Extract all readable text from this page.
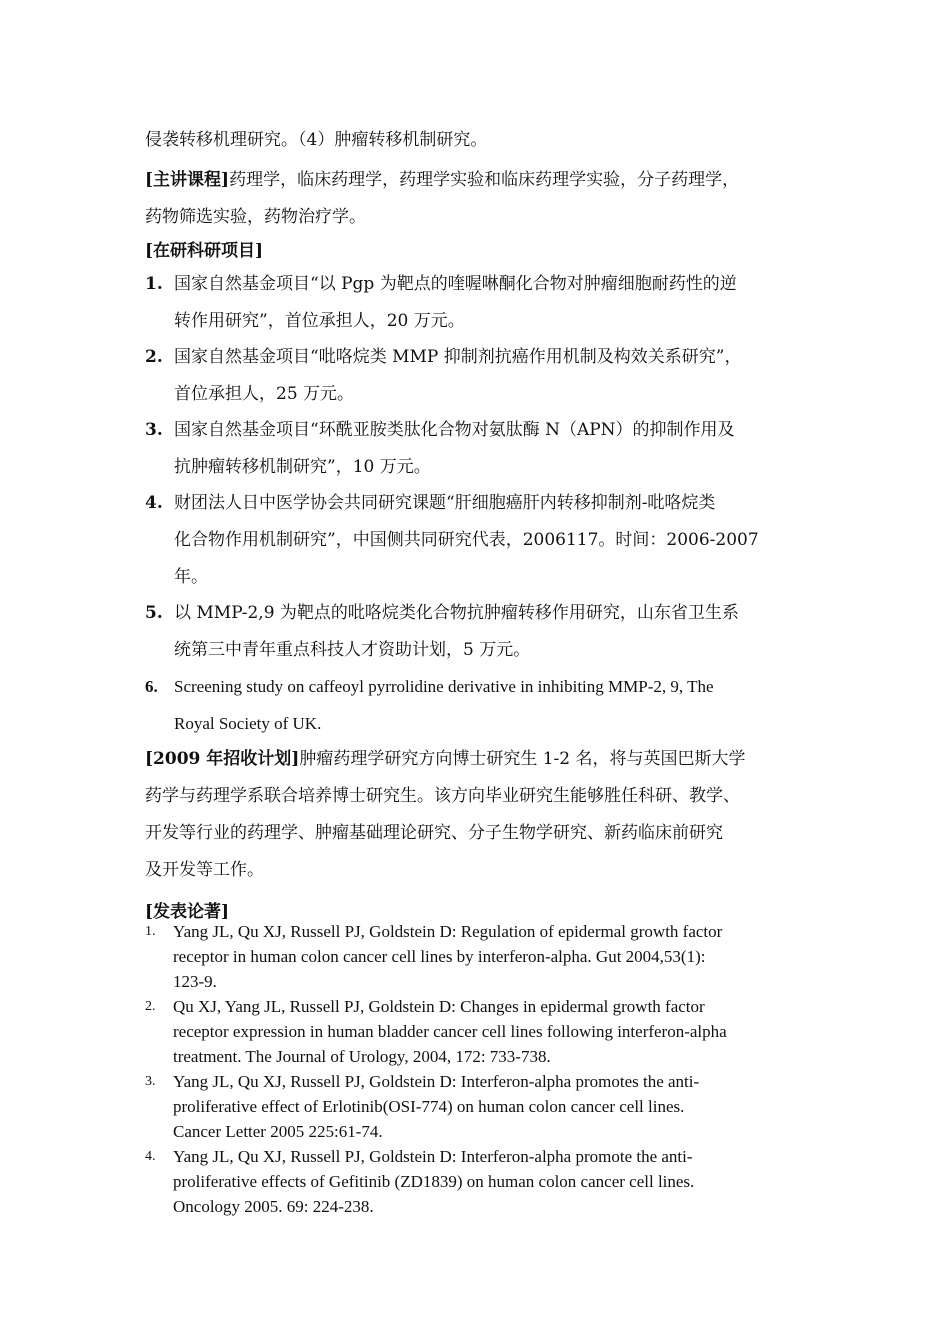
侵袭转移机理研究。（4）肿瘤转移机制研究。
[主讲课程]药理学，临床药理学，药理学实验和临床药理学实验，分子药理学，
药物筛选实验，药物治疗学。
[在研科研项目]
1. 国家自然基金项目“以 Pgp 为靶点的喹喔啉酮化合物对肿瘤细胞耐药性的逆
转作用研究”，首位承担人，20 万元。
2. 国家自然基金项目“吡咯烷类 MMP 抑制剂抗癌作用机制及构效关系研究”，
首位承担人，25 万元。
3. 国家自然基金项目“环酰亚胺类肽化合物对氨肽酶 N（APN）的抑制作用及
抗肿瘤转移机制研究”，10 万元。
4. 财团法人日中医学协会共同研究课题“肝细胞癌肝内转移抑制剂-吡咯烷类
化合物作用机制研究”，中国侧共同研究代表，2006117。时间：2006-2007
年。
5. 以 MMP-2,9 为靶点的吡咯烷类化合物抗肿瘤转移作用研究，山东省卫生系
统第三中青年重点科技人才资助计划，5 万元。
6. Screening study on caffeoyl pyrrolidine derivative in inhibiting MMP-2, 9, The
Royal Society of UK.
[2009 年招收计划]肿瘤药理学研究方向博士研究生 1-2 名，将与英国巴斯大学
药学与药理学系联合培养博士研究生。该方向毕业研究生能够胜任科研、教学、
开发等行业的药理学、肿瘤基础理论研究、分子生物学研究、新药临床前研究
及开发等工作。
[发表论著]
1. Yang JL, Qu XJ, Russell PJ, Goldstein D: Regulation of epidermal growth factor
receptor in human colon cancer cell lines by interferon-alpha. Gut 2004,53(1):
123-9.
2. Qu XJ, Yang JL, Russell PJ, Goldstein D: Changes in epidermal growth factor
receptor expression in human bladder cancer cell lines following interferon-alpha
treatment. The Journal of Urology, 2004, 172: 733-738.
3. Yang JL, Qu XJ, Russell PJ, Goldstein D: Interferon-alpha promotes the anti-
proliferative effect of Erlotinib(OSI-774) on human colon cancer cell lines.
Cancer Letter 2005 225:61-74.
4. Yang JL, Qu XJ, Russell PJ, Goldstein D: Interferon-alpha promote the anti-
proliferative effects of Gefitinib (ZD1839) on human colon cancer cell lines.
Oncology 2005. 69: 224-238.
